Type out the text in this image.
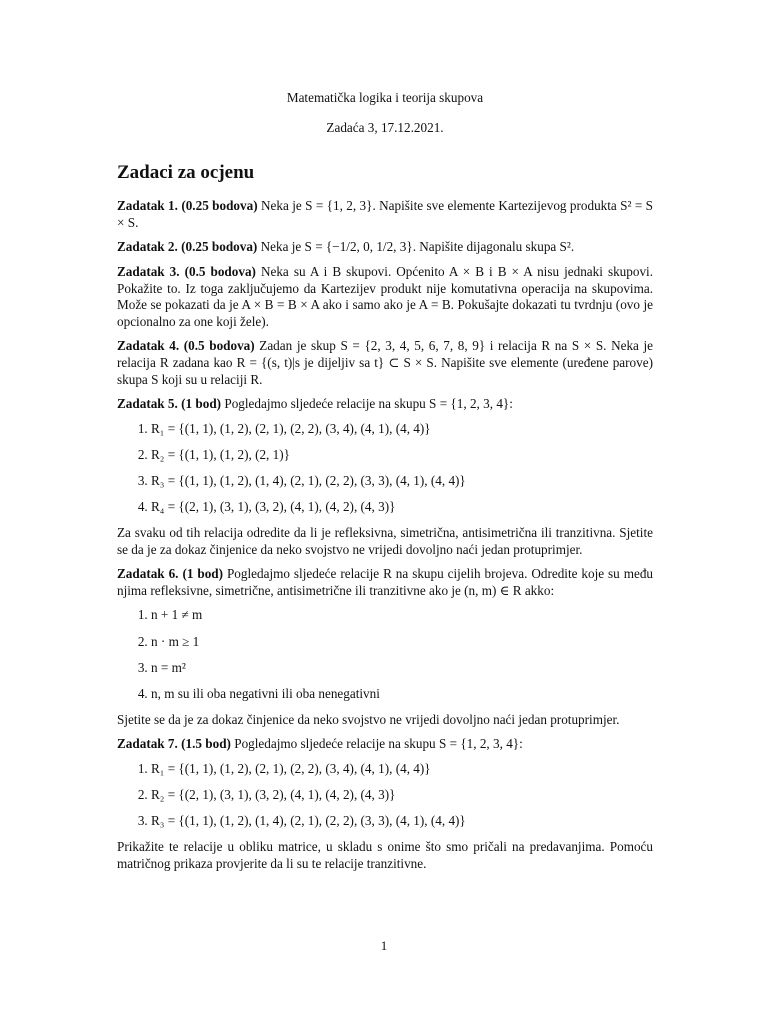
Matematička logika i teorija skupova

Zadaća 3, 17.12.2021.

Zadaci za ocjenu

Zadatak 1. (0.25 bodova) Neka je S = {1, 2, 3}. Napišite sve elemente Kartezijevog produkta S² = S × S.

Zadatak 2. (0.25 bodova) Neka je S = {−1/2, 0, 1/2, 3}. Napišite dijagonalu skupa S².

Zadatak 3. (0.5 bodova) Neka su A i B skupovi. Općenito A × B i B × A nisu jednaki skupovi. Pokažite to. Iz toga zaključujemo da Kartezijev produkt nije komutativna operacija na skupovima. Može se pokazati da je A × B = B × A ako i samo ako je A = B. Pokušajte dokazati tu tvrdnju (ovo je opcionalno za one koji žele).

Zadatak 4. (0.5 bodova) Zadan je skup S = {2, 3, 4, 5, 6, 7, 8, 9} i relacija R na S × S. Neka je relacija R zadana kao R = {(s, t)|s je dijeljiv sa t} ⊂ S × S. Napišite sve elemente (uređene parove) skupa S koji su u relaciji R.

Zadatak 5. (1 bod) Pogledajmo sljedeće relacije na skupu S = {1, 2, 3, 4}:

1. R₁ = {(1, 1), (1, 2), (2, 1), (2, 2), (3, 4), (4, 1), (4, 4)}
2. R₂ = {(1, 1), (1, 2), (2, 1)}
3. R₃ = {(1, 1), (1, 2), (1, 4), (2, 1), (2, 2), (3, 3), (4, 1), (4, 4)}
4. R₄ = {(2, 1), (3, 1), (3, 2), (4, 1), (4, 2), (4, 3)}

Za svaku od tih relacija odredite da li je refleksivna, simetrična, antisimetrična ili tranzitivna. Sjetite se da je za dokaz činjenice da neko svojstvo ne vrijedi dovoljno naći jedan protuprimjer.

Zadatak 6. (1 bod) Pogledajmo sljedeće relacije R na skupu cijelih brojeva. Odredite koje su među njima refleksivne, simetrične, antisimetrične ili tranzitivne ako je (n, m) ∈ R akko:

1. n + 1 ≠ m
2. n · m ≥ 1
3. n = m²
4. n, m su ili oba negativni ili oba nenegativni

Sjetite se da je za dokaz činjenice da neko svojstvo ne vrijedi dovoljno naći jedan protuprimjer.

Zadatak 7. (1.5 bod) Pogledajmo sljedeće relacije na skupu S = {1, 2, 3, 4}:

1. R₁ = {(1, 1), (1, 2), (2, 1), (2, 2), (3, 4), (4, 1), (4, 4)}
2. R₂ = {(2, 1), (3, 1), (3, 2), (4, 1), (4, 2), (4, 3)}
3. R₃ = {(1, 1), (1, 2), (1, 4), (2, 1), (2, 2), (3, 3), (4, 1), (4, 4)}

Prikažite te relacije u obliku matrice, u skladu s onime što smo pričali na predavanjima. Pomoću matričnog prikaza provjerite da li su te relacije tranzitivne.

1
